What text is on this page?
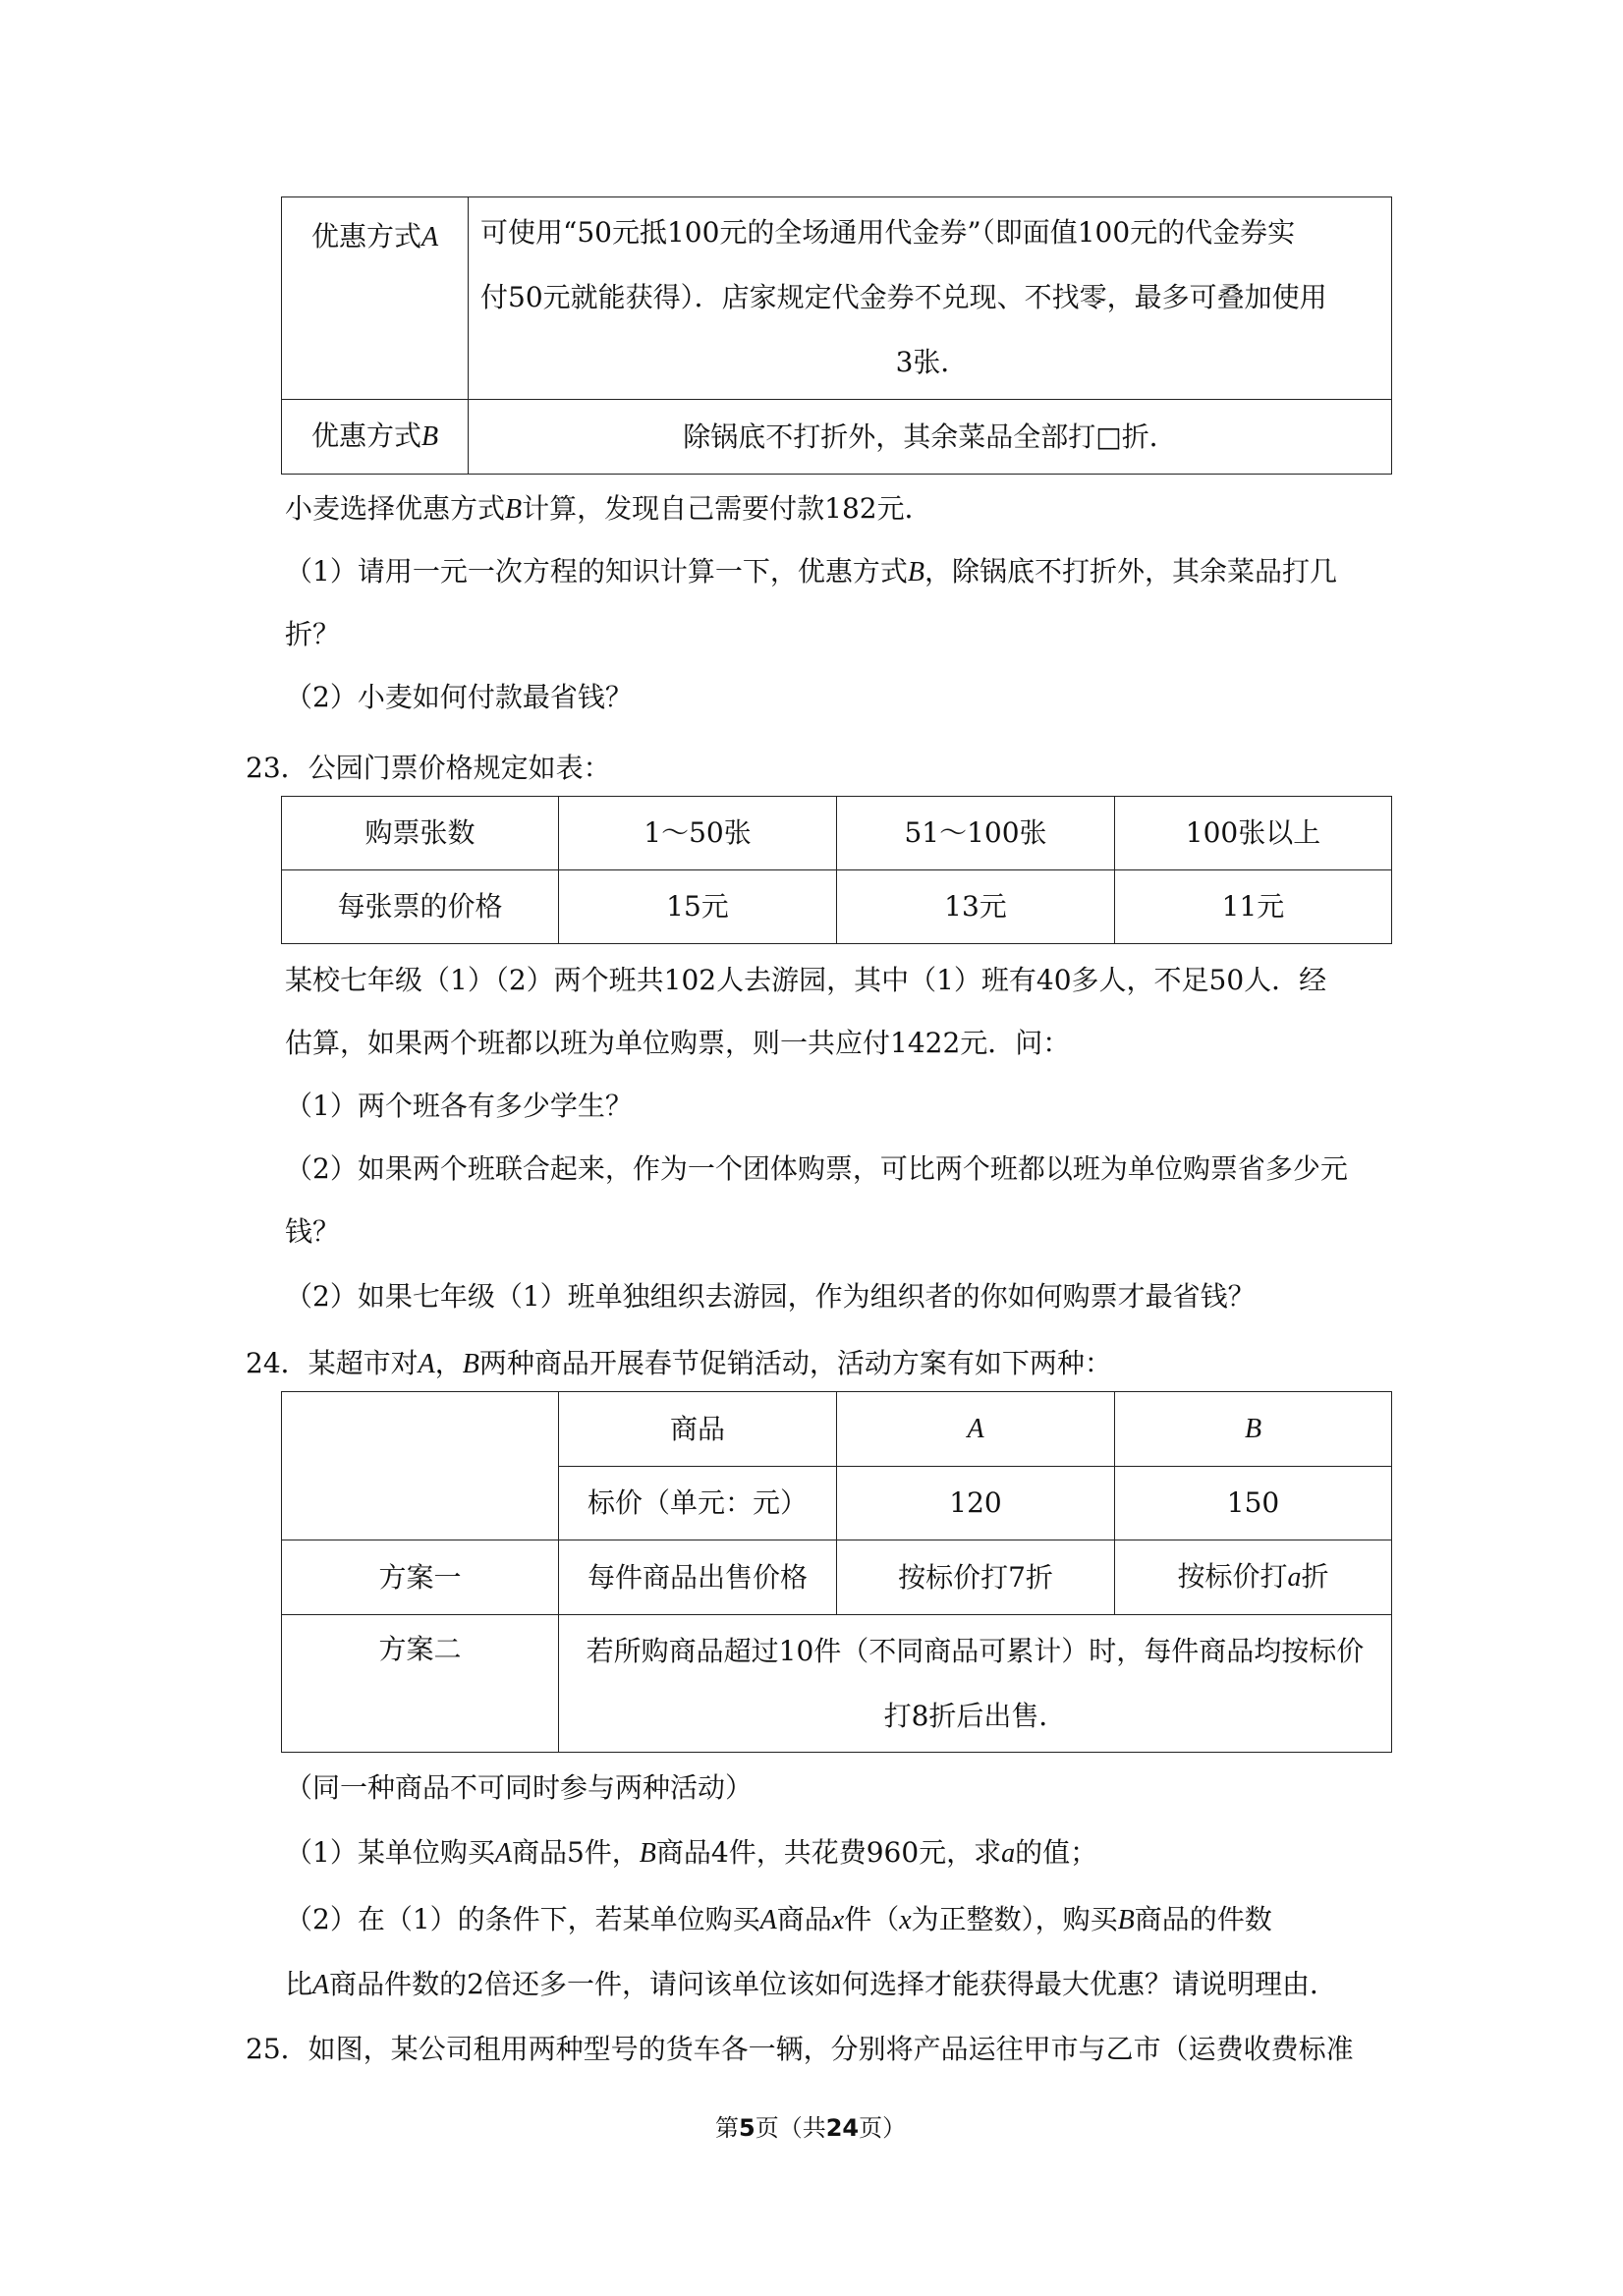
优惠方式A	可使用“50元抵100元的全场通用代金券”（即面值100元的代金券实
付50元就能获得）．店家规定代金券不兑现、不找零，最多可叠加使用
3张．

优惠方式B	除锅底不打折外，其余菜品全部打□折．
小麦选择优惠方式B计算，发现自己需要付款182元．
（1）请用一元一次方程的知识计算一下，优惠方式B，除锅底不打折外，其余菜品打几
折？
（2）小麦如何付款最省钱？
23．公园门票价格规定如表：
购票张数	1～50张	51～100张	100张以上
每张票的价格	15元	13元	11元
某校七年级（1）（2）两个班共102人去游园，其中（1）班有40多人，不足50人．经
估算，如果两个班都以班为单位购票，则一共应付1422元．问：
（1）两个班各有多少学生？
（2）如果两个班联合起来，作为一个团体购票，可比两个班都以班为单位购票省多少元
钱？
（2）如果七年级（1）班单独组织去游园，作为组织者的你如何购票才最省钱？
24．某超市对A，B两种商品开展春节促销活动，活动方案有如下两种：
	商品	A	B
	标价（单元：元）	120	150
方案一	每件商品出售价格	按标价打7折	按标价打a折
方案二	若所购商品超过10件（不同商品可累计）时，每件商品均按标价
打8折后出售．		
（同一种商品不可同时参与两种活动）
（1）某单位购买A商品5件，B商品4件，共花费960元，求a的值；
（2）在（1）的条件下，若某单位购买A商品x件（x为正整数），购买B商品的件数
比A商品件数的2倍还多一件，请问该单位该如何选择才能获得最大优惠？请说明理由．
25．如图，某公司租用两种型号的货车各一辆，分别将产品运往甲市与乙市（运费收费标准
第5页（共24页）
